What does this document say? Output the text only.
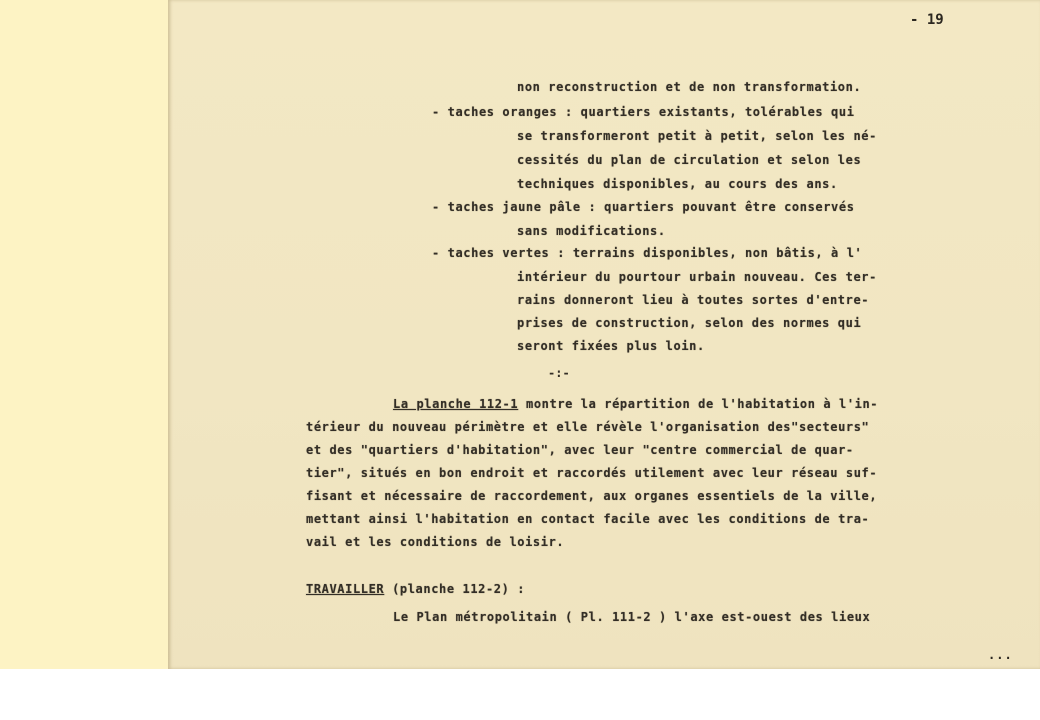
- 19
non reconstruction et de non transformation.
- taches oranges : quartiers existants, tolérables qui
se transformeront petit à petit, selon les né-
cessités du plan de circulation et selon les
techniques disponibles, au cours des ans.
- taches jaune pâle : quartiers pouvant être conservés
sans modifications.
- taches vertes : terrains disponibles, non bâtis, à l'
intérieur du pourtour urbain nouveau. Ces ter-
rains donneront lieu à toutes sortes d'entre-
prises de construction, selon des normes qui
seront fixées plus loin.
-:-
La planche 112-1 montre la répartition de l'habitation à l'in-
térieur du nouveau périmètre et elle révèle l'organisation des"secteurs"
et des "quartiers d'habitation", avec leur "centre commercial de quar-
tier", situés en bon endroit et raccordés utilement avec leur réseau suf-
fisant et nécessaire de raccordement, aux organes essentiels de la ville,
mettant ainsi l'habitation en contact facile avec les conditions de tra-
vail et les conditions de loisir.
TRAVAILLER (planche 112-2) :
Le Plan métropolitain ( Pl. 111-2 ) l'axe est-ouest des lieux
...
